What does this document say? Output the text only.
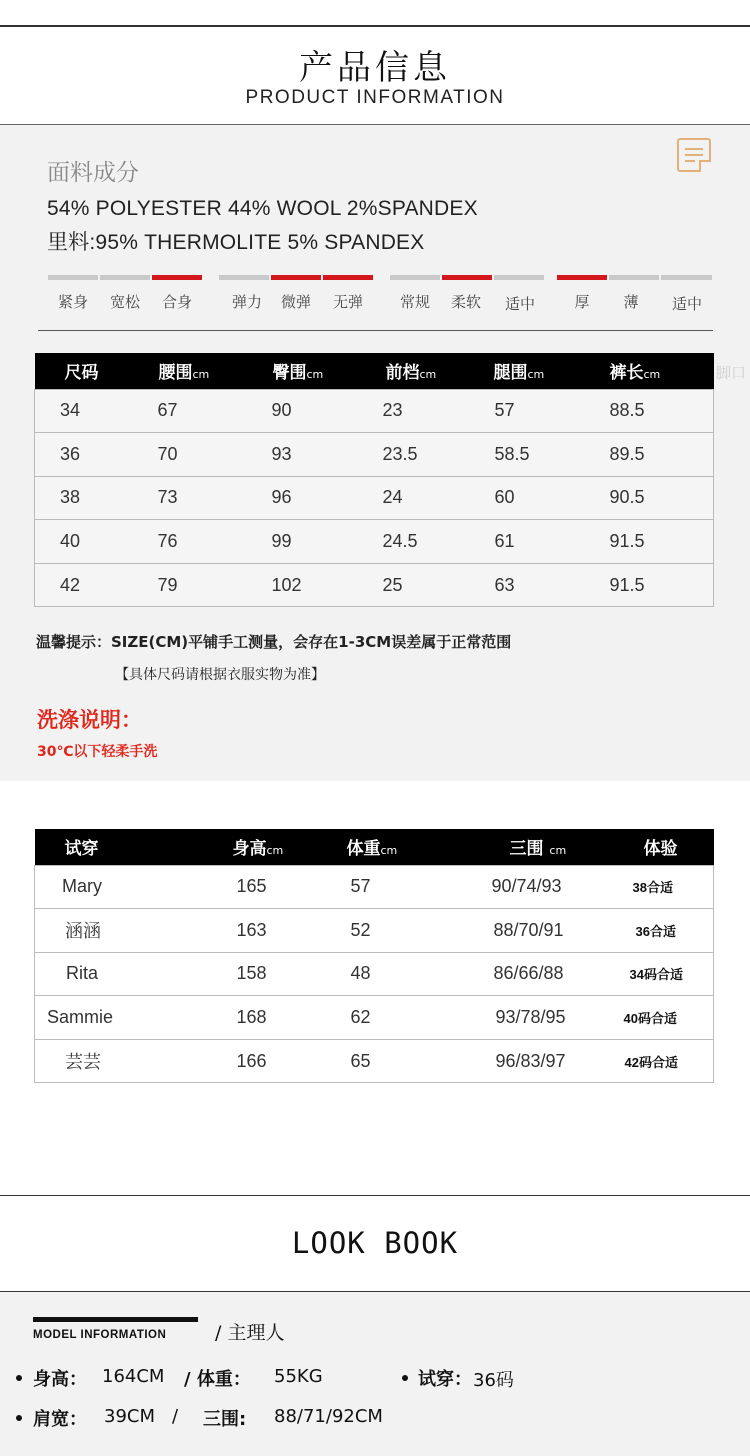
产品信息
PRODUCT INFORMATION
面料成分
54% POLYESTER 44% WOOL 2%SPANDEX
里料:95% THERMOLITE 5% SPANDEX
紧身	宽松	合身	弹力	微弹	无弹	常规	柔软	适中	厚	薄	适中
尺码	腰围cm	臀围cm	前档cm	腿围cm	裤长cm
34	67	90	23	57	88.5
36	70	93	23.5	58.5	89.5
38	73	96	24	60	90.5
40	76	99	24.5	61	91.5
42	79	102	25	63	91.5
脚口
温馨提示：SIZE(CM)平铺手工测量，会存在1-3CM误差属于正常范围
【具体尺码请根据衣服实物为准】
洗涤说明：
30℃以下轻柔手洗
试穿	身高cm	体重cm	三围 cm	体验
Mary	165	57	90/74/93	38合适
涵涵	163	52	88/70/91	36合适
Rita	158	48	86/66/88	34码合适
Sammie	168	62	93/78/95	40码合适
芸芸	166	65	96/83/97	42码合适
LOOK BOOK
MODEL INFORMATION	/ 主理人
身高： 164CM / 体重： 55KG	试穿： 36码
肩宽： 39CM / 三围: 88/71/92CM
